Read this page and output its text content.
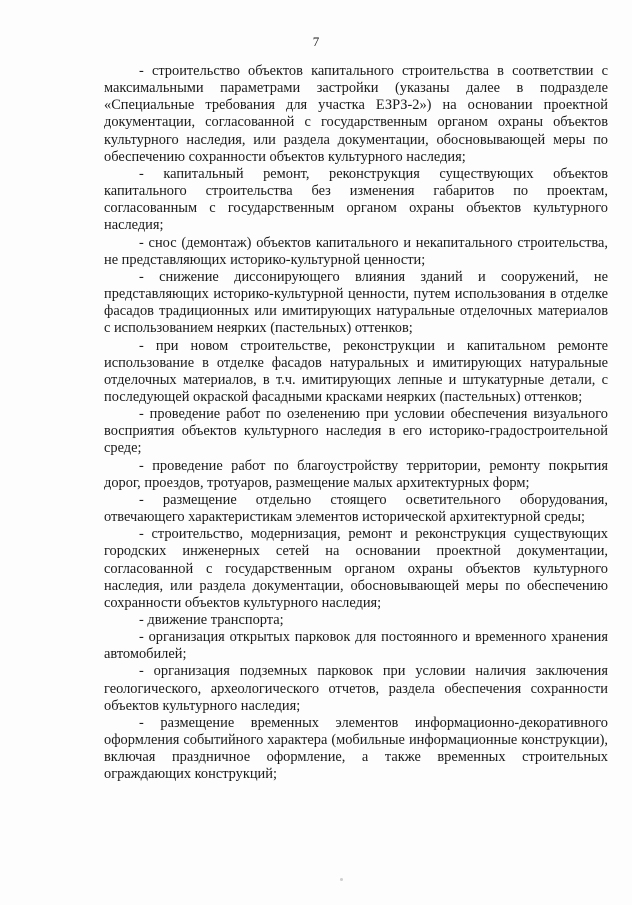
7

- строительство объектов капитального строительства в соответствии с максимальными параметрами застройки (указаны далее в подразделе «Специальные требования для участка ЕЗРЗ-2») на основании проектной документации, согласованной с государственным органом охраны объектов культурного наследия, или раздела документации, обосновывающей меры по обеспечению сохранности объектов культурного наследия;

- капитальный ремонт, реконструкция существующих объектов капитального строительства без изменения габаритов по проектам, согласованным с государственным органом охраны объектов культурного наследия;

- снос (демонтаж) объектов капитального и некапитального строительства, не представляющих историко-культурной ценности;

- снижение диссонирующего влияния зданий и сооружений, не представляющих историко-культурной ценности, путем использования в отделке фасадов традиционных или имитирующих натуральные отделочных материалов с использованием неярких (пастельных) оттенков;

- при новом строительстве, реконструкции и капитальном ремонте использование в отделке фасадов натуральных и имитирующих натуральные отделочных материалов, в т.ч. имитирующих лепные и штукатурные детали, с последующей окраской фасадными красками неярких (пастельных) оттенков;

- проведение работ по озеленению при условии обеспечения визуального восприятия объектов культурного наследия в его историко-градостроительной среде;

- проведение работ по благоустройству территории, ремонту покрытия дорог, проездов, тротуаров, размещение малых архитектурных форм;

- размещение отдельно стоящего осветительного оборудования, отвечающего характеристикам элементов исторической архитектурной среды;

- строительство, модернизация, ремонт и реконструкция существующих городских инженерных сетей на основании проектной документации, согласованной с государственным органом охраны объектов культурного наследия, или раздела документации, обосновывающей меры по обеспечению сохранности объектов культурного наследия;

- движение транспорта;

- организация открытых парковок для постоянного и временного хранения автомобилей;

- организация подземных парковок при условии наличия заключения геологического, археологического отчетов, раздела обеспечения сохранности объектов культурного наследия;

- размещение временных элементов информационно-декоративного оформления событийного характера (мобильные информационные конструкции), включая праздничное оформление, а также временных строительных ограждающих конструкций;
